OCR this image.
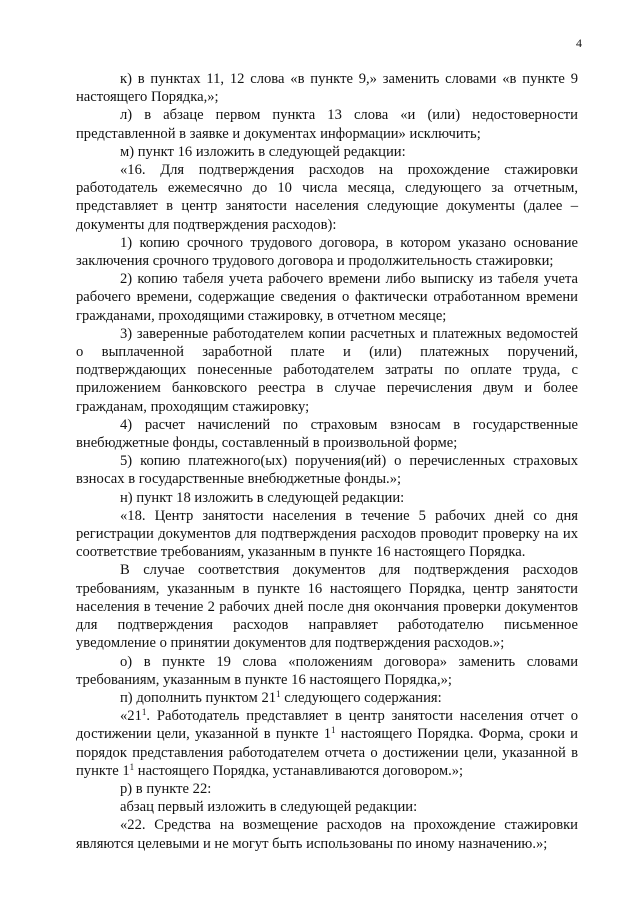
4

к) в пунктах 11, 12 слова «в пункте 9,» заменить словами «в пункте 9 настоящего Порядка,»;

л) в абзаце первом пункта 13 слова «и (или) недостоверности представленной в заявке и документах информации» исключить;

м) пункт 16 изложить в следующей редакции:

«16. Для подтверждения расходов на прохождение стажировки работодатель ежемесячно до 10 числа месяца, следующего за отчетным, представляет в центр занятости населения следующие документы (далее – документы для подтверждения расходов):

1) копию срочного трудового договора, в котором указано основание заключения срочного трудового договора и продолжительность стажировки;

2) копию табеля учета рабочего времени либо выписку из табеля учета рабочего времени, содержащие сведения о фактически отработанном времени гражданами, проходящими стажировку, в отчетном месяце;

3) заверенные работодателем копии расчетных и платежных ведомостей о выплаченной заработной плате и (или) платежных поручений, подтверждающих понесенные работодателем затраты по оплате труда, с приложением банковского реестра в случае перечисления двум и более гражданам, проходящим стажировку;

4) расчет начислений по страховым взносам в государственные внебюджетные фонды, составленный в произвольной форме;

5) копию платежного(ых) поручения(ий) о перечисленных страховых взносах в государственные внебюджетные фонды.»;

н) пункт 18 изложить в следующей редакции:

«18. Центр занятости населения в течение 5 рабочих дней со дня регистрации документов для подтверждения расходов проводит проверку на их соответствие требованиям, указанным в пункте 16 настоящего Порядка.

В случае соответствия документов для подтверждения расходов требованиям, указанным в пункте 16 настоящего Порядка, центр занятости населения в течение 2 рабочих дней после дня окончания проверки документов для подтверждения расходов направляет работодателю письменное уведомление о принятии документов для подтверждения расходов.»;

о) в пункте 19 слова «положениям договора» заменить словами требованиям, указанным в пункте 16 настоящего Порядка,»;

п) дополнить пунктом $21^1$ следующего содержания:

«$21^1$. Работодатель представляет в центр занятости населения отчет о достижении цели, указанной в пункте $1^1$ настоящего Порядка. Форма, сроки и порядок представления работодателем отчета о достижении цели, указанной в пункте $1^1$ настоящего Порядка, устанавливаются договором.»;

р) в пункте 22:

абзац первый изложить в следующей редакции:

«22. Средства на возмещение расходов на прохождение стажировки являются целевыми и не могут быть использованы по иному назначению.»;
